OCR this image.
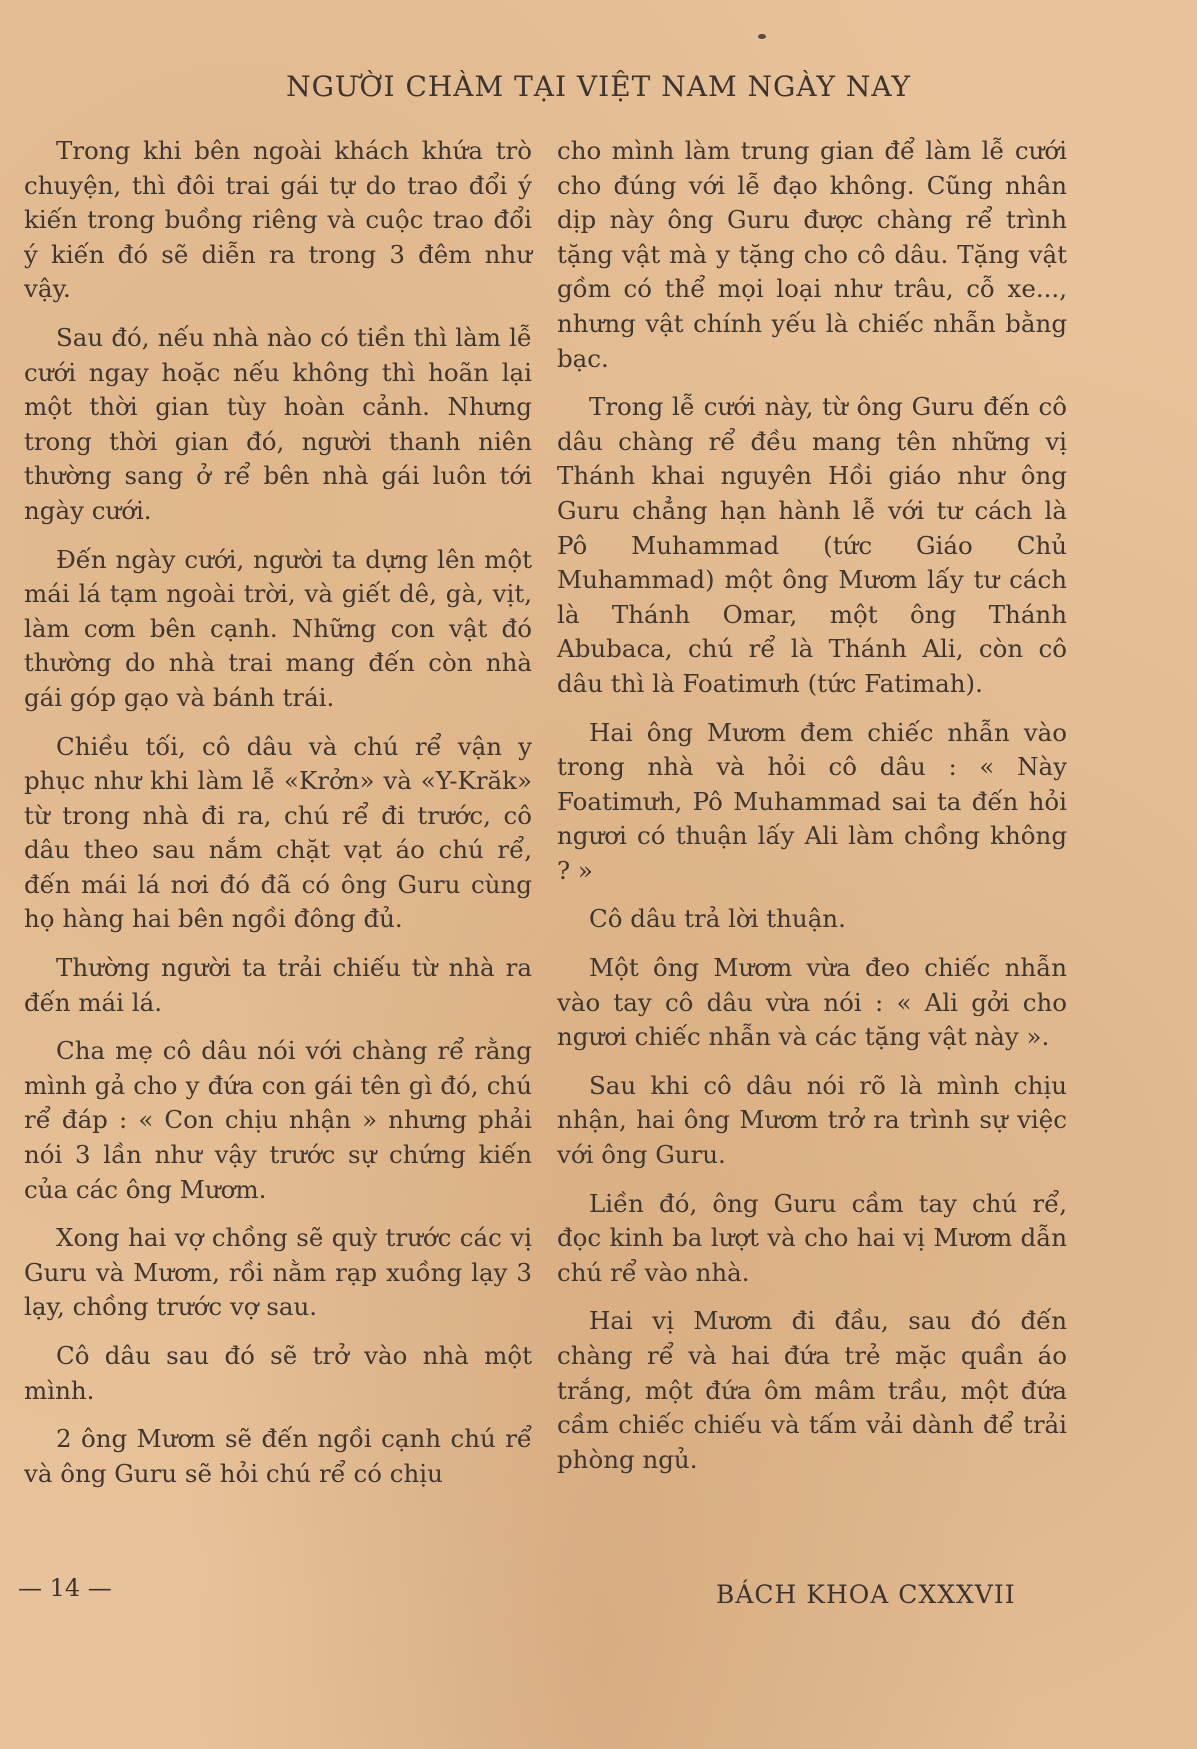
NGƯỜI CHÀM TẠI VIỆT NAM NGÀY NAY

Trong khi bên ngoài khách khứa trò chuyện, thì đôi trai gái tự do trao đổi ý kiến trong buồng riêng và cuộc trao đổi ý kiến đó sẽ diễn ra trong 3 đêm như vậy.

Sau đó, nếu nhà nào có tiền thì làm lễ cưới ngay hoặc nếu không thì hoãn lại một thời gian tùy hoàn cảnh. Nhưng trong thời gian đó, người thanh niên thường sang ở rể bên nhà gái luôn tới ngày cưới.

Đến ngày cưới, người ta dựng lên một mái lá tạm ngoài trời, và giết dê, gà, vịt, làm cơm bên cạnh. Những con vật đó thường do nhà trai mang đến còn nhà gái góp gạo và bánh trái.

Chiều tối, cô dâu và chú rể vận y phục như khi làm lễ «Krởn» và «Y-Krăk» từ trong nhà đi ra, chú rể đi trước, cô dâu theo sau nắm chặt vạt áo chú rể, đến mái lá nơi đó đã có ông Guru cùng họ hàng hai bên ngồi đông đủ.

Thường người ta trải chiếu từ nhà ra đến mái lá.

Cha mẹ cô dâu nói với chàng rể rằng mình gả cho y đứa con gái tên gì đó, chú rể đáp : « Con chịu nhận » nhưng phải nói 3 lần như vậy trước sự chứng kiến của các ông Mươm.

Xong hai vợ chồng sẽ quỳ trước các vị Guru và Mươm, rồi nằm rạp xuồng lạy 3 lạy, chồng trước vợ sau.

Cô dâu sau đó sẽ trở vào nhà một mình.

2 ông Mươm sẽ đến ngồi cạnh chú rể và ông Guru sẽ hỏi chú rể có chịu

cho mình làm trung gian để làm lễ cưới cho đúng với lễ đạo không. Cũng nhân dịp này ông Guru được chàng rể trình tặng vật mà y tặng cho cô dâu. Tặng vật gồm có thể mọi loại như trâu, cỗ xe..., nhưng vật chính yếu là chiếc nhẫn bằng bạc.

Trong lễ cưới này, từ ông Guru đến cô dâu chàng rể đều mang tên những vị Thánh khai nguyên Hồi giáo như ông Guru chẳng hạn hành lễ với tư cách là Pô Muhammad (tức Giáo Chủ Muhammad) một ông Mươm lấy tư cách là Thánh Omar, một ông Thánh Abubaca, chú rể là Thánh Ali, còn cô dâu thì là Foatimưh (tức Fatimah).

Hai ông Mươm đem chiếc nhẫn vào trong nhà và hỏi cô dâu : « Này Foatimưh, Pô Muhammad sai ta đến hỏi ngươi có thuận lấy Ali làm chồng không ? »

Cô dâu trả lời thuận.

Một ông Mươm vừa đeo chiếc nhẫn vào tay cô dâu vừa nói : « Ali gởi cho ngươi chiếc nhẫn và các tặng vật này ».

Sau khi cô dâu nói rõ là mình chịu nhận, hai ông Mươm trở ra trình sự việc với ông Guru.

Liền đó, ông Guru cầm tay chú rể, đọc kinh ba lượt và cho hai vị Mươm dẫn chú rể vào nhà.

Hai vị Mươm đi đầu, sau đó đến chàng rể và hai đứa trẻ mặc quần áo trắng, một đứa ôm mâm trầu, một đứa cầm chiếc chiếu và tấm vải dành để trải phòng ngủ.

— 14 —	BÁCH KHOA CXXXVII
